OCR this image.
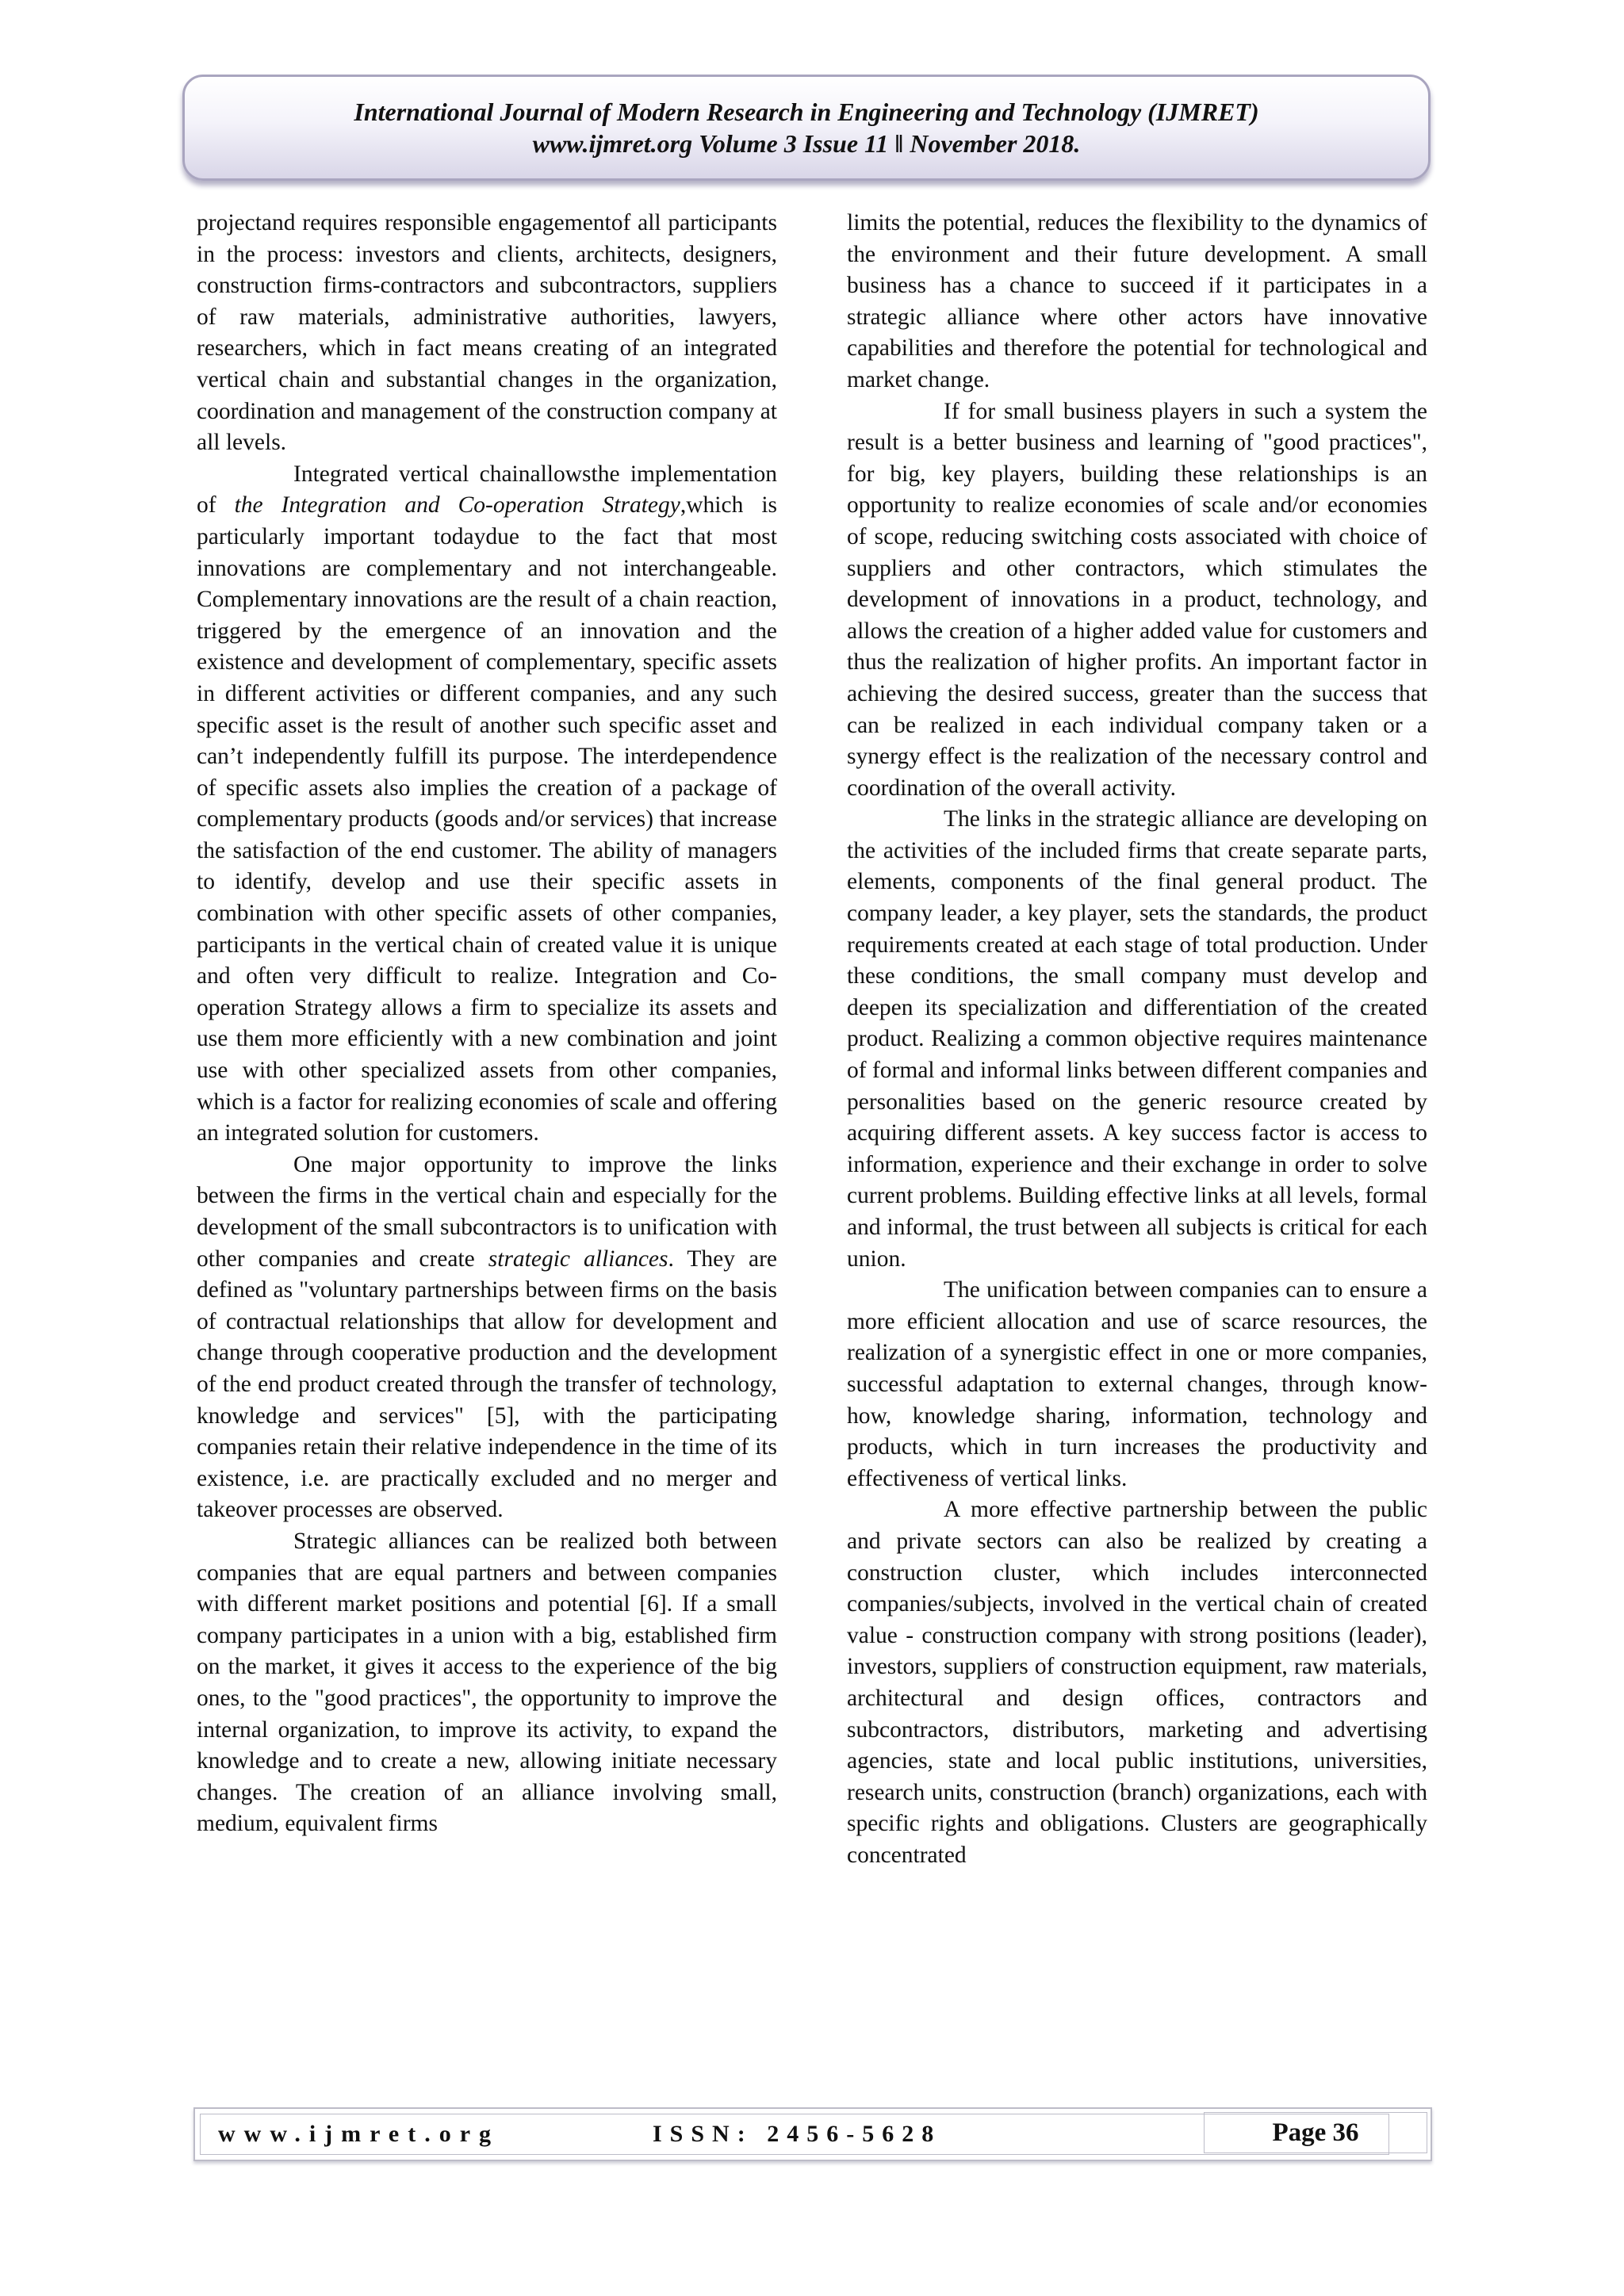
International Journal of Modern Research in Engineering and Technology (IJMRET)
www.ijmret.org Volume 3 Issue 11 ǁ November 2018.

projectand requires responsible engagementof all participants in the process: investors and clients, architects, designers, construction firms-contractors and subcontractors, suppliers of raw materials, administrative authorities, lawyers, researchers, which in fact means creating of an integrated vertical chain and substantial changes in the organization, coordination and management of the construction company at all levels.

Integrated vertical chainallowsthe implementation of the Integration and Co-operation Strategy,which is particularly important todaydue to the fact that most innovations are complementary and not interchangeable. Complementary innovations are the result of a chain reaction, triggered by the emergence of an innovation and the existence and development of complementary, specific assets in different activities or different companies, and any such specific asset is the result of another such specific asset and can’t independently fulfill its purpose. The interdependence of specific assets also implies the creation of a package of complementary products (goods and/or services) that increase the satisfaction of the end customer. The ability of managers to identify, develop and use their specific assets in combination with other specific assets of other companies, participants in the vertical chain of created value it is unique and often very difficult to realize. Integration and Co-operation Strategy allows a firm to specialize its assets and use them more efficiently with a new combination and joint use with other specialized assets from other companies, which is a factor for realizing economies of scale and offering an integrated solution for customers.

One major opportunity to improve the links between the firms in the vertical chain and especially for the development of the small subcontractors is to unification with other companies and create strategic alliances. They are defined as "voluntary partnerships between firms on the basis of contractual relationships that allow for development and change through cooperative production and the development of the end product created through the transfer of technology, knowledge and services" [5], with the participating companies retain their relative independence in the time of its existence, i.e. are practically excluded and no merger and takeover processes are observed.

Strategic alliances can be realized both between companies that are equal partners and between companies with different market positions and potential [6]. If a small company participates in a union with a big, established firm on the market, it gives it access to the experience of the big ones, to the "good practices", the opportunity to improve the internal organization, to improve its activity, to expand the knowledge and to create a new, allowing initiate necessary changes. The creation of an alliance involving small, medium, equivalent firms

limits the potential, reduces the flexibility to the dynamics of the environment and their future development. A small business has a chance to succeed if it participates in a strategic alliance where other actors have innovative capabilities and therefore the potential for technological and market change.

If for small business players in such a system the result is a better business and learning of "good practices", for big, key players, building these relationships is an opportunity to realize economies of scale and/or economies of scope, reducing switching costs associated with choice of suppliers and other contractors, which stimulates the development of innovations in a product, technology, and allows the creation of a higher added value for customers and thus the realization of higher profits. An important factor in achieving the desired success, greater than the success that can be realized in each individual company taken or a synergy effect is the realization of the necessary control and coordination of the overall activity.

The links in the strategic alliance are developing on the activities of the included firms that create separate parts, elements, components of the final general product. The company leader, a key player, sets the standards, the product requirements created at each stage of total production. Under these conditions, the small company must develop and deepen its specialization and differentiation of the created product. Realizing a common objective requires maintenance of formal and informal links between different companies and personalities based on the generic resource created by acquiring different assets. A key success factor is access to information, experience and their exchange in order to solve current problems. Building effective links at all levels, formal and informal, the trust between all subjects is critical for each union.

The unification between companies can to ensure a more efficient allocation and use of scarce resources, the realization of a synergistic effect in one or more companies, successful adaptation to external changes, through know-how, knowledge sharing, information, technology and products, which in turn increases the productivity and effectiveness of vertical links.

A more effective partnership between the public and private sectors can also be realized by creating a construction cluster, which includes interconnected companies/subjects, involved in the vertical chain of created value - construction company with strong positions (leader), investors, suppliers of construction equipment, raw materials, architectural and design offices, contractors and subcontractors, distributors, marketing and advertising agencies, state and local public institutions, universities, research units, construction (branch) organizations, each with specific rights and obligations. Clusters are geographically concentrated

www.ijmret.org	ISSN: 2456-5628	Page 36
